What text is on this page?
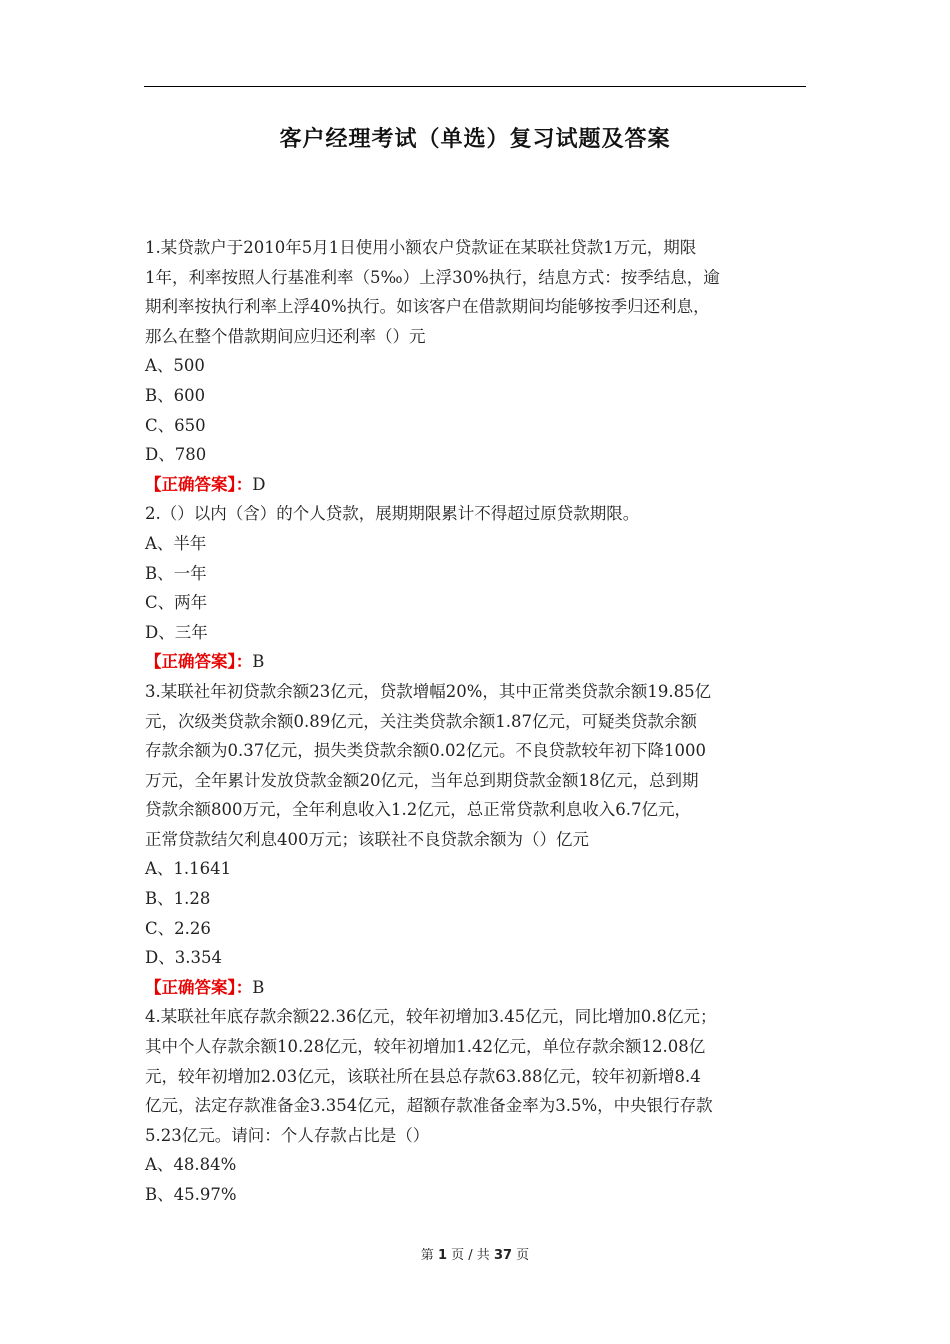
客户经理考试（单选）复习试题及答案
1.某贷款户于2010年5月1日使用小额农户贷款证在某联社贷款1万元，期限
1年，利率按照人行基准利率（5‰）上浮30%执行，结息方式：按季结息，逾
期利率按执行利率上浮40%执行。如该客户在借款期间均能够按季归还利息，
那么在整个借款期间应归还利率（）元
A、500
B、600
C、650
D、780
【正确答案】：D
2.（）以内（含）的个人贷款，展期期限累计不得超过原贷款期限。
A、半年
B、一年
C、两年
D、三年
【正确答案】：B
3.某联社年初贷款余额23亿元，贷款增幅20%，其中正常类贷款余额19.85亿
元，次级类贷款余额0.89亿元，关注类贷款余额1.87亿元，可疑类贷款余额
存款余额为0.37亿元，损失类贷款余额0.02亿元。不良贷款较年初下降1000
万元，全年累计发放贷款金额20亿元，当年总到期贷款金额18亿元，总到期
贷款余额800万元，全年利息收入1.2亿元，总正常贷款利息收入6.7亿元，
正常贷款结欠利息400万元；该联社不良贷款余额为（）亿元
A、1.1641
B、1.28
C、2.26
D、3.354
【正确答案】：B
4.某联社年底存款余额22.36亿元，较年初增加3.45亿元，同比增加0.8亿元；
其中个人存款余额10.28亿元，较年初增加1.42亿元，单位存款余额12.08亿
元，较年初增加2.03亿元，该联社所在县总存款63.88亿元，较年初新增8.4
亿元，法定存款准备金3.354亿元，超额存款准备金率为3.5%，中央银行存款
5.23亿元。请问：个人存款占比是（）
A、48.84%
B、45.97%
第 1 页 / 共 37 页
